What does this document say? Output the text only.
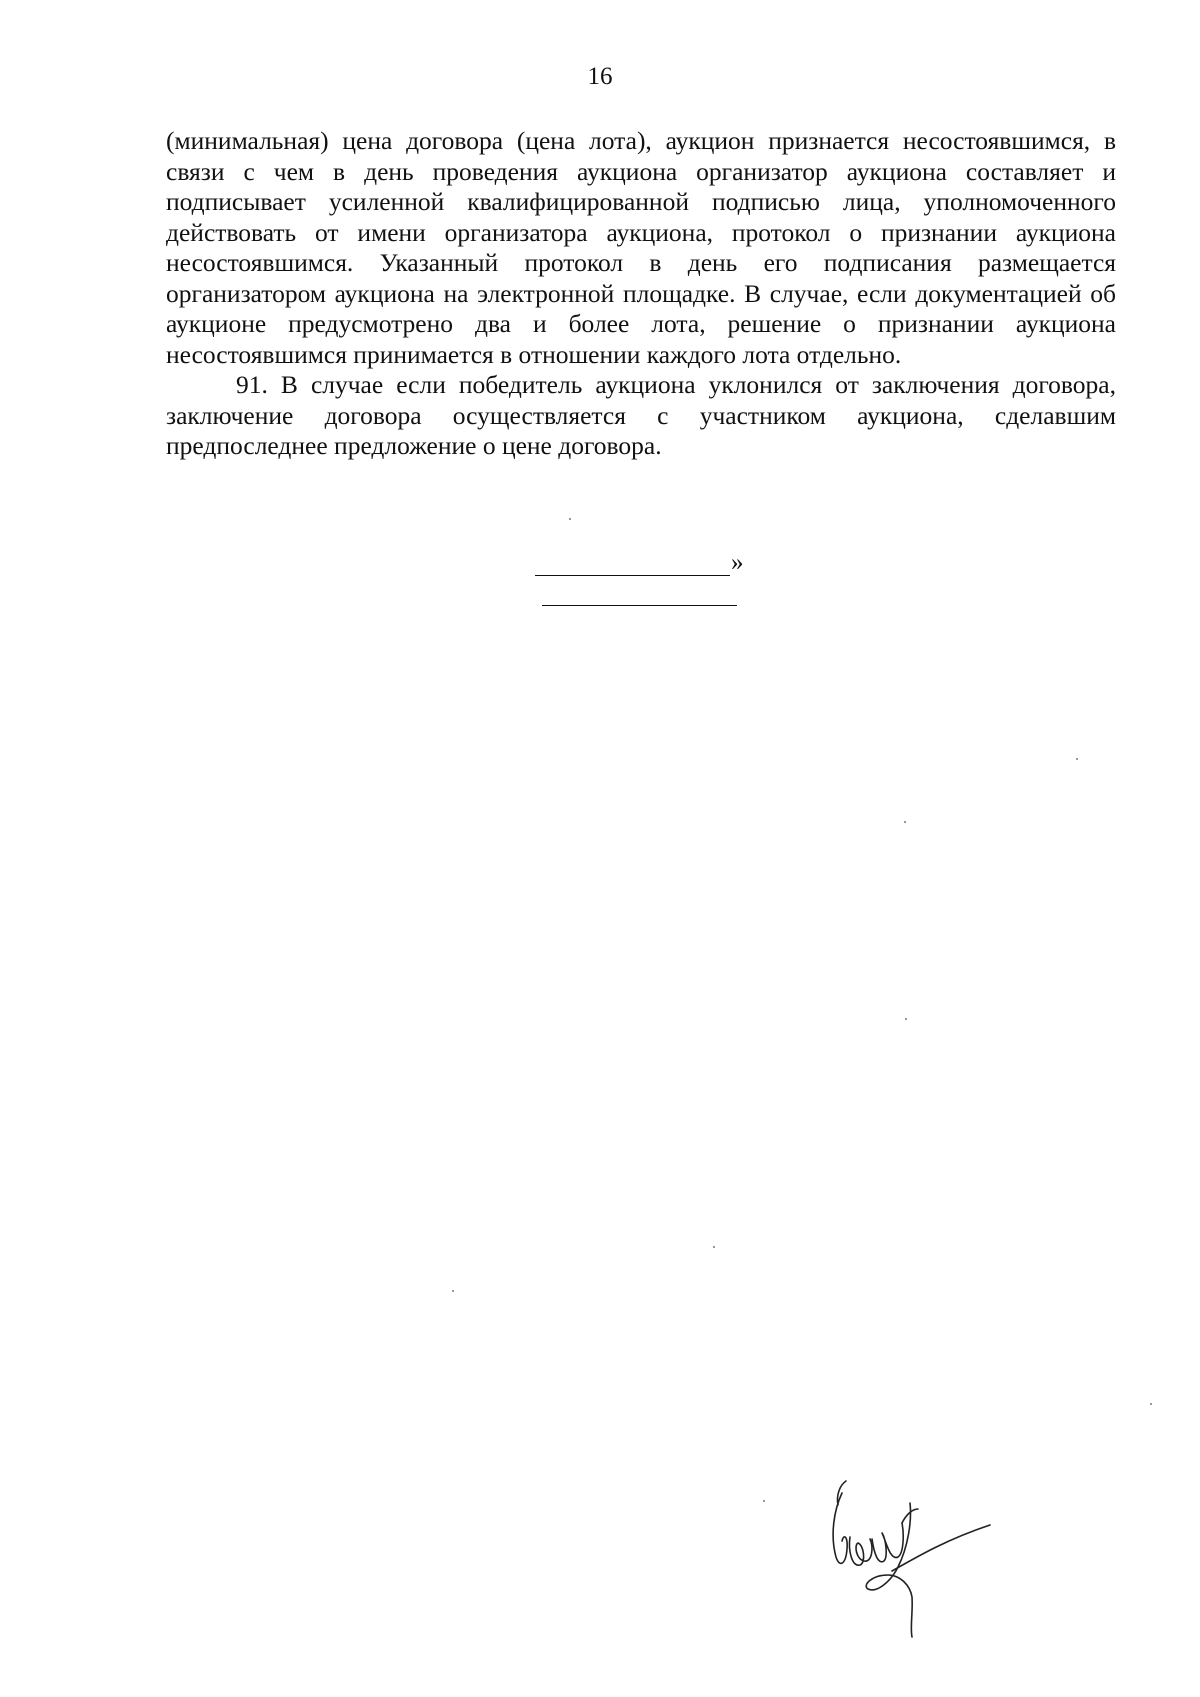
16

(минимальная) цена договора (цена лота), аукцион признается несостоявшимся, в связи с чем в день проведения аукциона организатор аукциона составляет и подписывает усиленной квалифицированной подписью лица, уполномоченного действовать от имени организатора аукциона, протокол о признании аукциона несостоявшимся. Указанный протокол в день его подписания размещается организатором аукциона на электронной площадке. В случае, если документацией об аукционе предусмотрено два и более лота, решение о признании аукциона несостоявшимся принимается в отношении каждого лота отдельно.

91. В случае если победитель аукциона уклонился от заключения договора, заключение договора осуществляется с участником аукциона, сделавшим предпоследнее предложение о цене договора.

»
